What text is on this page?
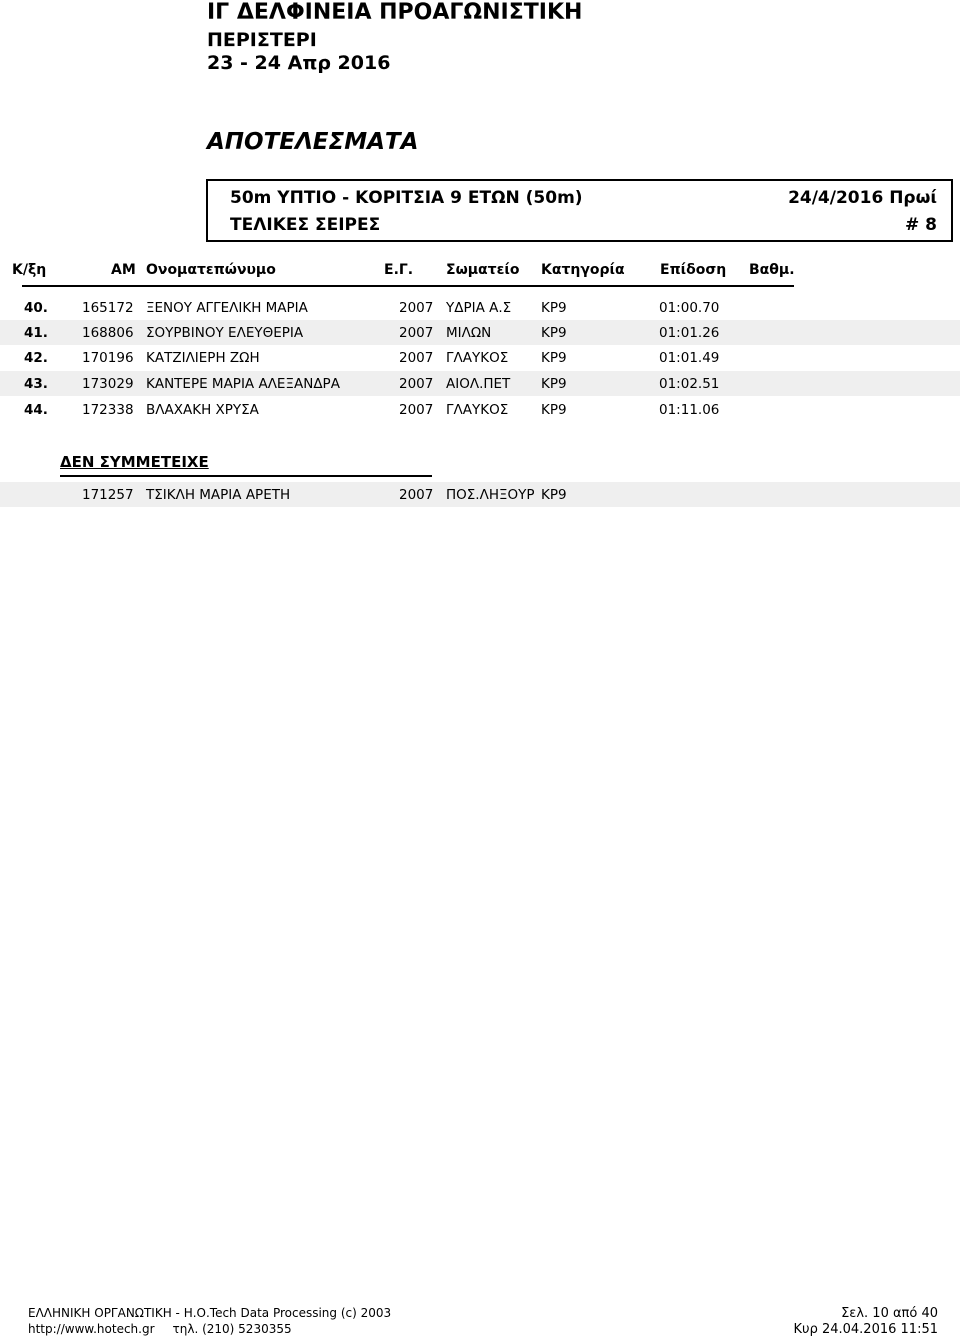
ΙΓ ΔΕΛΦΙΝΕΙΑ ΠΡΟΑΓΩΝΙΣΤΙΚΗ
ΠΕΡΙΣΤΕΡΙ
23 - 24 Απρ 2016
ΑΠΟΤΕΛΕΣΜΑΤΑ
50m ΥΠΤΙΟ - ΚΟΡΙΤΣΙΑ 9 ΕΤΩΝ (50m)	24/4/2016 Πρωί
ΤΕΛΙΚΕΣ ΣΕΙΡΕΣ	# 8
Κ/ξη	ΑΜ Ονοματεπώνυμο	Ε.Γ. Σωματείο Κατηγορία	Επίδοση Βαθμ.
40.	165172 ΞΕΝΟΥ ΑΓΓΕΛΙΚΗ ΜΑΡΙΑ	2007 ΥΔΡΙΑ Α.Σ ΚΡ9	01:00.70
41.	168806 ΣΟΥΡΒΙΝΟΥ ΕΛΕΥΘΕΡΙΑ	2007 ΜΙΛΩΝ	ΚΡ9	01:01.26
42.	170196 ΚΑΤΖΙΛΙΕΡΗ ΖΩΗ	2007 ΓΛΑΥΚΟΣ ΚΡ9	01:01.49
43.	173029 ΚΑΝΤΕΡΕ ΜΑΡΙΑ ΑΛΕΞΑΝΔΡΑ	2007 ΑΙΟΛ.ΠΕΤ ΚΡ9	01:02.51
44.	172338 ΒΛΑΧΑΚΗ ΧΡΥΣΑ	2007 ΓΛΑΥΚΟΣ ΚΡ9	01:11.06
ΔΕΝ ΣΥΜΜΕΤΕΙΧΕ
171257 ΤΣΙΚΛΗ ΜΑΡΙΑ ΑΡΕΤΗ	2007 ΠΟΣ.ΛΗΞΟΥΡ ΚΡ9
ΕΛΛΗΝΙΚΗ ΟΡΓΑΝΩΤΙΚΗ - Η.Ο.Tech Data Processing (c) 2003
http://www.hotech.gr τηλ. (210) 5230355
Σελ. 10 από 40
Κυρ 24.04.2016 11:51
